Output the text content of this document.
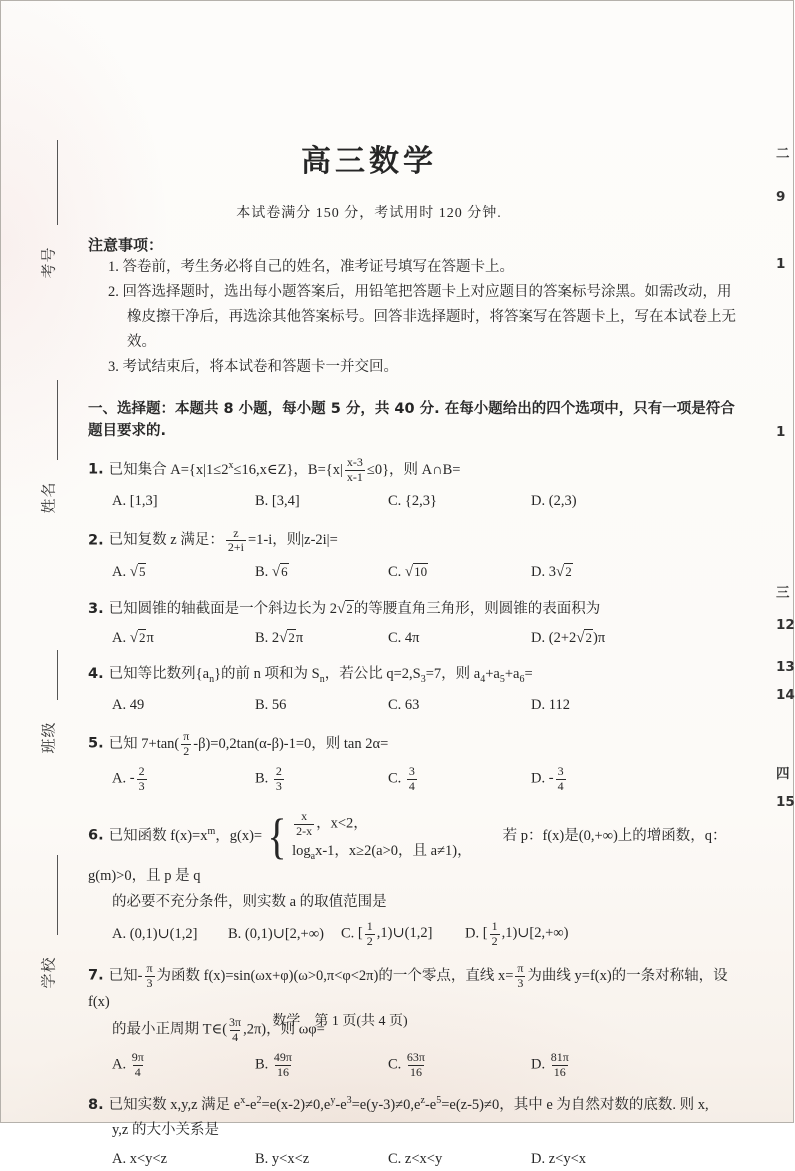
考号
姓名
班级
学校
高三数学
本试卷满分 150 分，考试用时 120 分钟.
注意事项：
1. 答卷前，考生务必将自己的姓名，准考证号填写在答题卡上。
2. 回答选择题时，选出每小题答案后，用铅笔把答题卡上对应题目的答案标号涂黑。如需改动，用橡皮擦干净后，再选涂其他答案标号。回答非选择题时，将答案写在答题卡上，写在本试卷上无效。
3. 考试结束后，将本试卷和答题卡一并交回。
一、选择题：本题共 8 小题，每小题 5 分，共 40 分. 在每小题给出的四个选项中，只有一项是符合题目要求的.
1. 已知集合 $A=\{x|1\le 2^x\le 16,x\in Z\}$，$B=\{x| \frac{x-3}{x-1} \le 0\}$，则 A∩B=
A. [1,3]	B. [3,4]	C. {2,3}	D. (2,3)
2. 已知复数 z 满足： $\frac{z}{2+i} =1-i$，则|z-2i|=
A. √5	B. √6	C. √10	D. 3√2
3. 已知圆锥的轴截面是一个斜边长为 2√2的等腰直角三角形，则圆锥的表面积为
A. √2π	B. 2√2π	C. 4π	D. (2+2√2)π
4. 已知等比数列$\{a_n\}$的前 n 项和为 $S_n$，若公比 $q=2,S_3=7$，则 $a_4+a_5+a_6=$
A. 49	B. 56	C. 63	D. 112
5. 已知 $7+\tan( \frac{\pi}{2} -\beta)=0,2\tan(\alpha-\beta)-1=0$，则 tan 2α=
A. - $\frac{2}{3}$	B. $\frac{2}{3}$	C. $\frac{3}{4}$	D. - $\frac{3}{4}$
6. 已知函数 $f(x)=x^m$，g(x)= { $\frac{x}{2-x}$ ，x<2，
$\log_ax-1$，x≥2(a>0，且 a≠1)，
若 p：f(x)是(0,+∞)上的增函数，q：g(m)>0，且 p 是 q
的必要不充分条件，则实数 a 的取值范围是
A. (0,1)∪(1,2]	B. (0,1)∪[2,+∞)	C. [ $\frac{1}{2}$ ,1)∪(1,2]	D. [ $\frac{1}{2}$ ,1)∪[2,+∞)
7. 已知- $\frac{\pi}{3}$ 为函数 f(x)=sin(ωx+φ)(ω>0,π<φ<2π)的一个零点，直线 $x= \frac{\pi}{3}$ 为曲线 y=f(x)的一条对称轴，设 f(x)
的最小正周期 T∈( $\frac{3\pi}{4} ,2\pi$)，则 ωφ=
A. $\frac{9\pi}{4}$	B. $\frac{49\pi}{16}$	C. $\frac{63\pi}{16}$	D. $\frac{81\pi}{16}$
8. 已知实数 x,y,z 满足 $e^x-e^2=e(x-2)\ne 0,e^y-e^3=e(y-3)\ne 0,e^z-e^5=e(z-5)\ne 0$，其中 e 为自然对数的底数. 则 x,
y,z 的大小关系是
A. x<y<z	B. y<x<z	C. z<x<y	D. z<y<x
数学　第 1 页(共 4 页)
二
9
1
1
三
12
13
14
四
15
